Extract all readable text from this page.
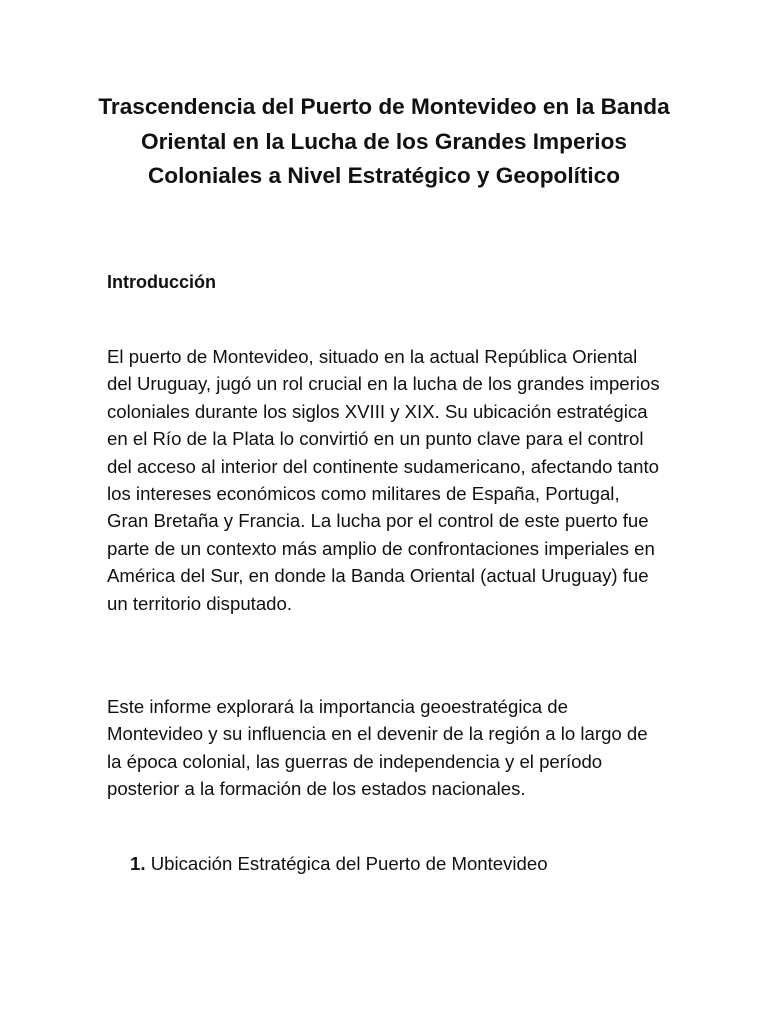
Trascendencia del Puerto de Montevideo en la Banda Oriental en la Lucha de los Grandes Imperios Coloniales a Nivel Estratégico y Geopolítico
Introducción

El puerto de Montevideo, situado en la actual República Oriental del Uruguay, jugó un rol crucial en la lucha de los grandes imperios coloniales durante los siglos XVIII y XIX. Su ubicación estratégica en el Río de la Plata lo convirtió en un punto clave para el control del acceso al interior del continente sudamericano, afectando tanto los intereses económicos como militares de España, Portugal, Gran Bretaña y Francia. La lucha por el control de este puerto fue parte de un contexto más amplio de confrontaciones imperiales en América del Sur, en donde la Banda Oriental (actual Uruguay) fue un territorio disputado.

Este informe explorará la importancia geoestratégica de Montevideo y su influencia en el devenir de la región a lo largo de la época colonial, las guerras de independencia y el período posterior a la formación de los estados nacionales.

1. Ubicación Estratégica del Puerto de Montevideo
